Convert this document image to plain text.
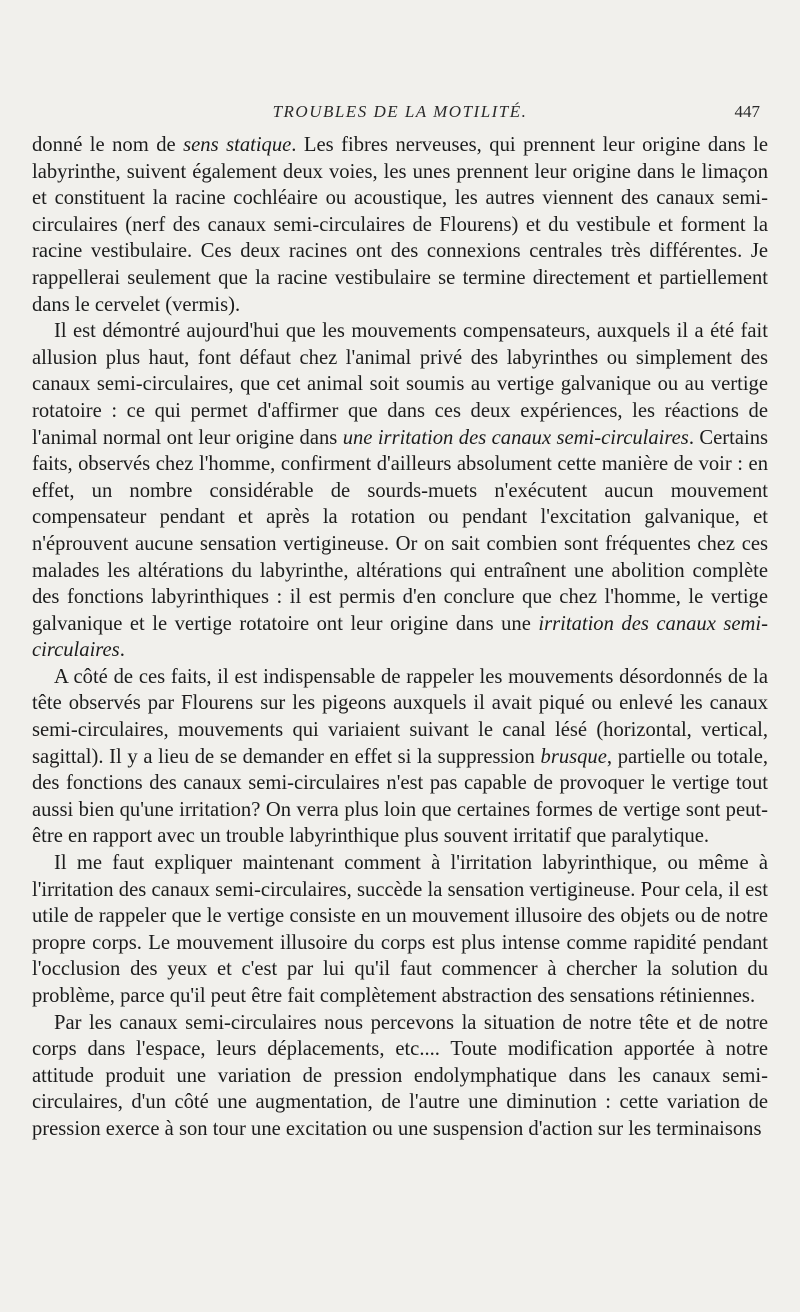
TROUBLES DE LA MOTILITÉ.	447

donné le nom de sens statique. Les fibres nerveuses, qui prennent leur origine dans le labyrinthe, suivent également deux voies, les unes prennent leur origine dans le limaçon et constituent la racine cochléaire ou acoustique, les autres viennent des canaux semi-circulaires (nerf des canaux semi-circulaires de Flourens) et du vestibule et forment la racine vestibulaire. Ces deux racines ont des connexions centrales très différentes. Je rappellerai seulement que la racine vestibulaire se termine directement et partiellement dans le cervelet (vermis).

Il est démontré aujourd'hui que les mouvements compensateurs, auxquels il a été fait allusion plus haut, font défaut chez l'animal privé des labyrinthes ou simplement des canaux semi-circulaires, que cet animal soit soumis au vertige galvanique ou au vertige rotatoire : ce qui permet d'affirmer que dans ces deux expériences, les réactions de l'animal normal ont leur origine dans une irritation des canaux semi-circulaires. Certains faits, observés chez l'homme, confirment d'ailleurs absolument cette manière de voir : en effet, un nombre considérable de sourds-muets n'exécutent aucun mouvement compensateur pendant et après la rotation ou pendant l'excitation galvanique, et n'éprouvent aucune sensation vertigineuse. Or on sait combien sont fréquentes chez ces malades les altérations du labyrinthe, altérations qui entraînent une abolition complète des fonctions labyrinthiques : il est permis d'en conclure que chez l'homme, le vertige galvanique et le vertige rotatoire ont leur origine dans une irritation des canaux semi-circulaires.

A côté de ces faits, il est indispensable de rappeler les mouvements désordonnés de la tête observés par Flourens sur les pigeons auxquels il avait piqué ou enlevé les canaux semi-circulaires, mouvements qui variaient suivant le canal lésé (horizontal, vertical, sagittal). Il y a lieu de se demander en effet si la suppression brusque, partielle ou totale, des fonctions des canaux semi-circulaires n'est pas capable de provoquer le vertige tout aussi bien qu'une irritation? On verra plus loin que certaines formes de vertige sont peut-être en rapport avec un trouble labyrinthique plus souvent irritatif que paralytique.

Il me faut expliquer maintenant comment à l'irritation labyrinthique, ou même à l'irritation des canaux semi-circulaires, succède la sensation vertigineuse. Pour cela, il est utile de rappeler que le vertige consiste en un mouvement illusoire des objets ou de notre propre corps. Le mouvement illusoire du corps est plus intense comme rapidité pendant l'occlusion des yeux et c'est par lui qu'il faut commencer à chercher la solution du problème, parce qu'il peut être fait complètement abstraction des sensations rétiniennes.

Par les canaux semi-circulaires nous percevons la situation de notre tête et de notre corps dans l'espace, leurs déplacements, etc.... Toute modification apportée à notre attitude produit une variation de pression endolymphatique dans les canaux semi-circulaires, d'un côté une augmentation, de l'autre une diminution : cette variation de pression exerce à son tour une excitation ou une suspension d'action sur les terminaisons
